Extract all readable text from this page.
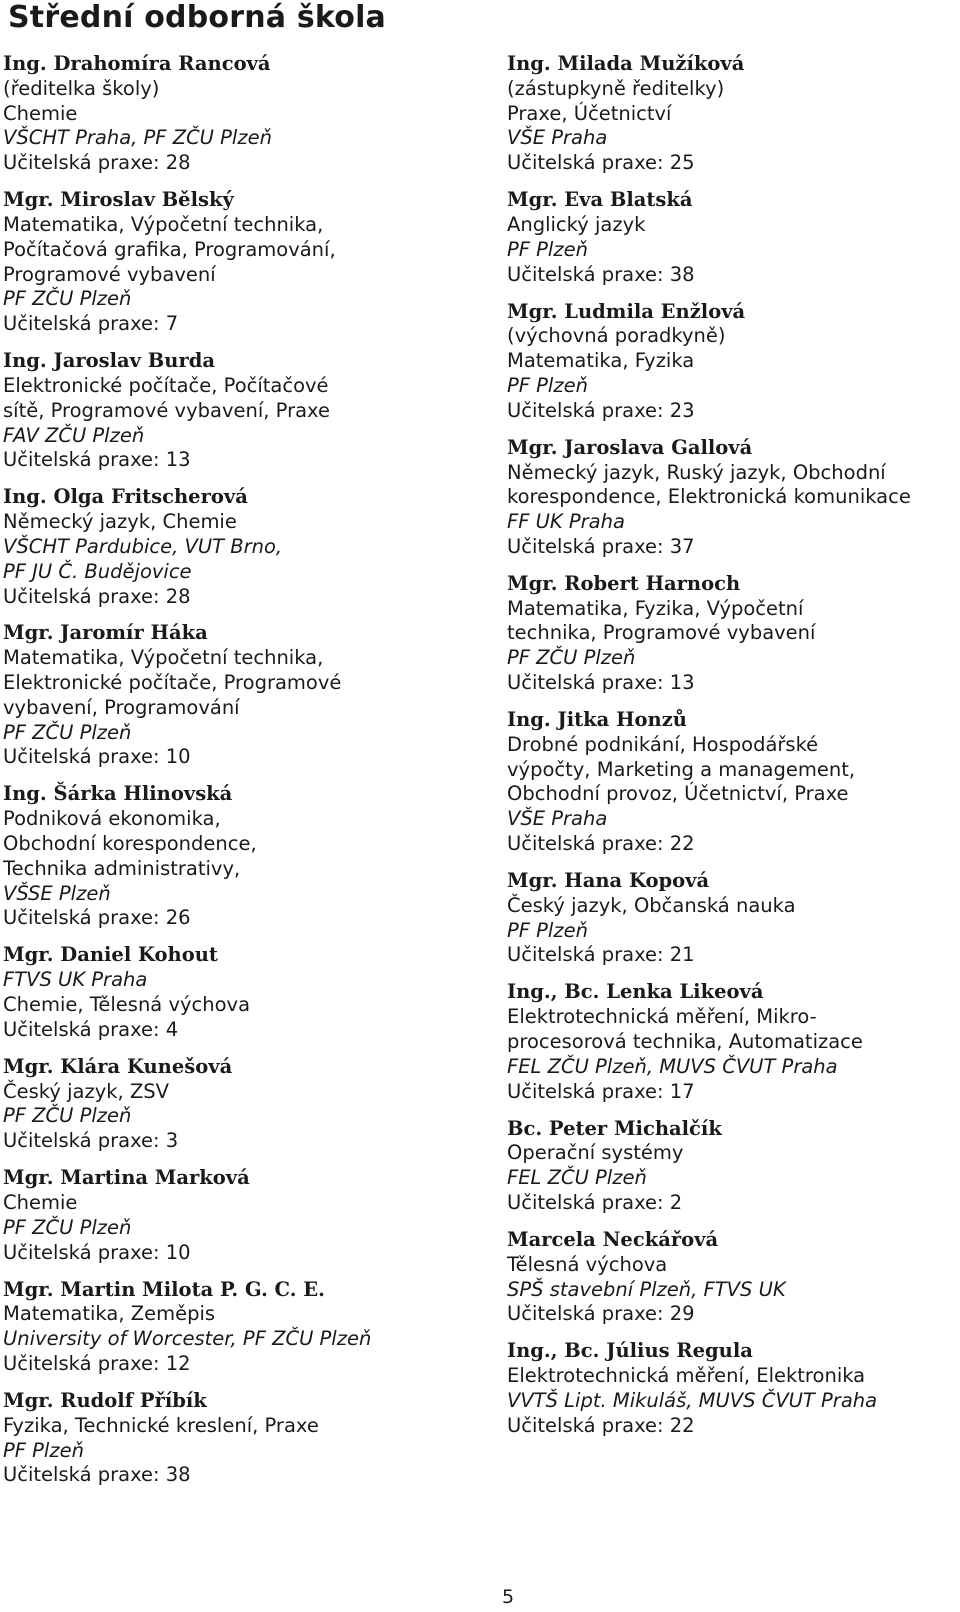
Střední odborná škola
Ing. Drahomíra Rancová
(ředitelka školy)
Chemie
VŠCHT Praha, PF ZČU Plzeň
Učitelská praxe: 28
Mgr. Miroslav Bělský
Matematika, Výpočetní technika,
Počítačová grafika, Programování,
Programové vybavení
PF ZČU Plzeň
Učitelská praxe: 7
Ing. Jaroslav Burda
Elektronické počítače, Počítačové
sítě, Programové vybavení, Praxe
FAV ZČU Plzeň
Učitelská praxe: 13
Ing. Olga Fritscherová
Německý jazyk, Chemie
VŠCHT Pardubice, VUT Brno,
PF JU Č. Budějovice
Učitelská praxe: 28
Mgr. Jaromír Háka
Matematika, Výpočetní technika,
Elektronické počítače, Programové
vybavení, Programování
PF ZČU Plzeň
Učitelská praxe: 10
Ing. Šárka Hlinovská
Podniková ekonomika,
Obchodní korespondence,
Technika administrativy,
VŠSE Plzeň
Učitelská praxe: 26
Mgr. Daniel Kohout
FTVS UK Praha
Chemie, Tělesná výchova
Učitelská praxe: 4
Mgr. Klára Kunešová
Český jazyk, ZSV
PF ZČU Plzeň
Učitelská praxe: 3
Mgr. Martina Marková
Chemie
PF ZČU Plzeň
Učitelská praxe: 10
Mgr. Martin Milota P. G. C. E.
Matematika, Zeměpis
University of Worcester, PF ZČU Plzeň
Učitelská praxe: 12
Mgr. Rudolf Příbík
Fyzika, Technické kreslení, Praxe
PF Plzeň
Učitelská praxe: 38
Ing. Milada Mužíková
(zástupkyně ředitelky)
Praxe, Účetnictví
VŠE Praha
Učitelská praxe: 25
Mgr. Eva Blatská
Anglický jazyk
PF Plzeň
Učitelská praxe: 38
Mgr. Ludmila Enžlová
(výchovná poradkyně)
Matematika, Fyzika
PF Plzeň
Učitelská praxe: 23
Mgr. Jaroslava Gallová
Německý jazyk, Ruský jazyk, Obchodní
korespondence, Elektronická komunikace
FF UK Praha
Učitelská praxe: 37
Mgr. Robert Harnoch
Matematika, Fyzika, Výpočetní
technika, Programové vybavení
PF ZČU Plzeň
Učitelská praxe: 13
Ing. Jitka Honzů
Drobné podnikání, Hospodářské
výpočty, Marketing a management,
Obchodní provoz, Účetnictví, Praxe
VŠE Praha
Učitelská praxe: 22
Mgr. Hana Kopová
Český jazyk, Občanská nauka
PF Plzeň
Učitelská praxe: 21
Ing., Bc. Lenka Likeová
Elektrotechnická měření, Mikro-
procesorová technika, Automatizace
FEL ZČU Plzeň, MUVS ČVUT Praha
Učitelská praxe: 17
Bc. Peter Michalčík
Operační systémy
FEL ZČU Plzeň
Učitelská praxe: 2
Marcela Neckářová
Tělesná výchova
SPŠ stavební Plzeň, FTVS UK
Učitelská praxe: 29
Ing., Bc. Július Regula
Elektrotechnická měření, Elektronika
VVTŠ Lipt. Mikuláš, MUVS ČVUT Praha
Učitelská praxe: 22
5
